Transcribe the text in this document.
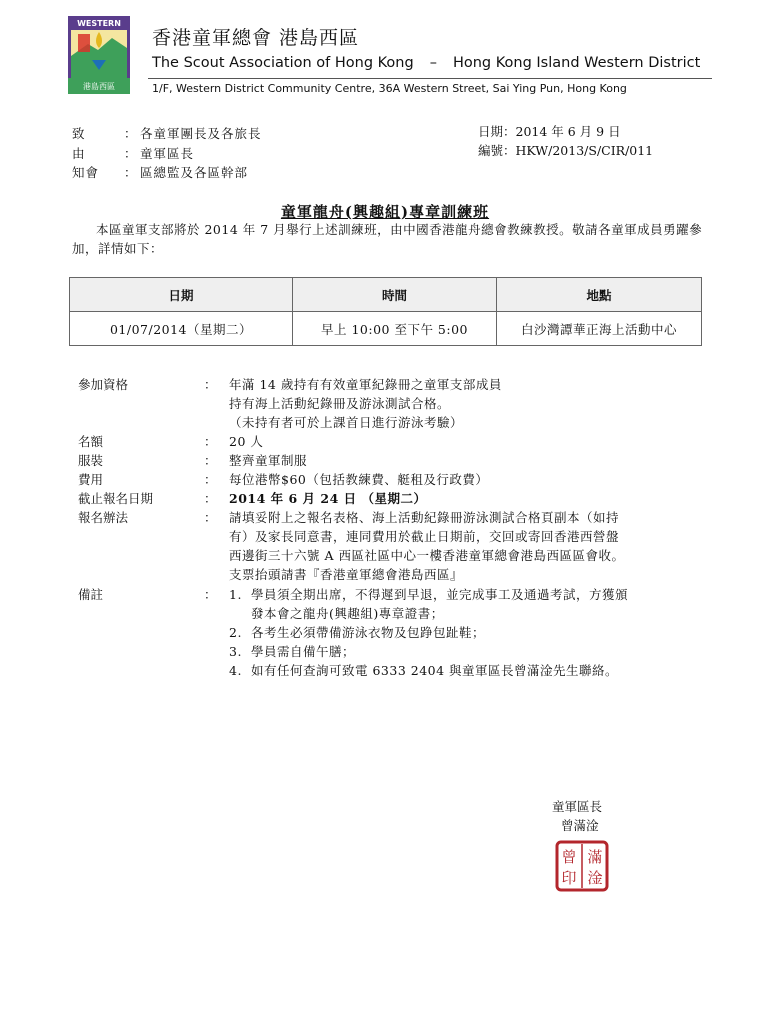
WESTERN
港島西區
香港童軍總會 港島西區
The Scout Association of Hong Kong – Hong Kong Island Western District
1/F, Western District Community Centre, 36A Western Street, Sai Ying Pun, Hong Kong
致	： 各童軍團長及各旅長
由	： 童軍區長
知會 ： 區總監及各區幹部
日期：2014 年 6 月 9 日
編號：HKW/2013/S/CIR/011
童軍龍舟(興趣組)專章訓練班
本區童軍支部將於 2014 年 7 月舉行上述訓練班，由中國香港龍舟總會教練教授。敬請各童軍成員勇躍參加，詳情如下：
日期	時間	地點
01/07/2014（星期二）	早上 10:00 至下午 5:00	白沙灣譚華正海上活動中心
參加資格	： 年滿 14 歲持有有效童軍紀錄冊之童軍支部成員
持有海上活動紀錄冊及游泳測試合格。
（未持有者可於上課首日進行游泳考驗）
名額	： 20 人
服裝	： 整齊童軍制服
費用	： 每位港幣$60（包括教練費、艇租及行政費）
截止報名日期	： 2014 年 6 月 24 日 （星期二）
報名辦法	： 請填妥附上之報名表格、海上活動紀錄冊游泳測試合格頁副本（如持
有）及家長同意書，連同費用於截止日期前，交回或寄回香港西營盤
西邊街三十六號 A 西區社區中心一樓香港童軍總會港島西區區會收。
支票抬頭請書『香港童軍總會港島西區』
備註	： 1. 學員須全期出席，不得遲到早退，並完成事工及通過考試，方獲頒
發本會之龍舟(興趣組)專章證書；
2. 各考生必須帶備游泳衣物及包踭包趾鞋；
3. 學員需自備午膳；
4. 如有任何查詢可致電 6333 2404 與童軍區長曾滿淦先生聯絡。
童軍區長
曾滿淦
曾 滿
印 淦
